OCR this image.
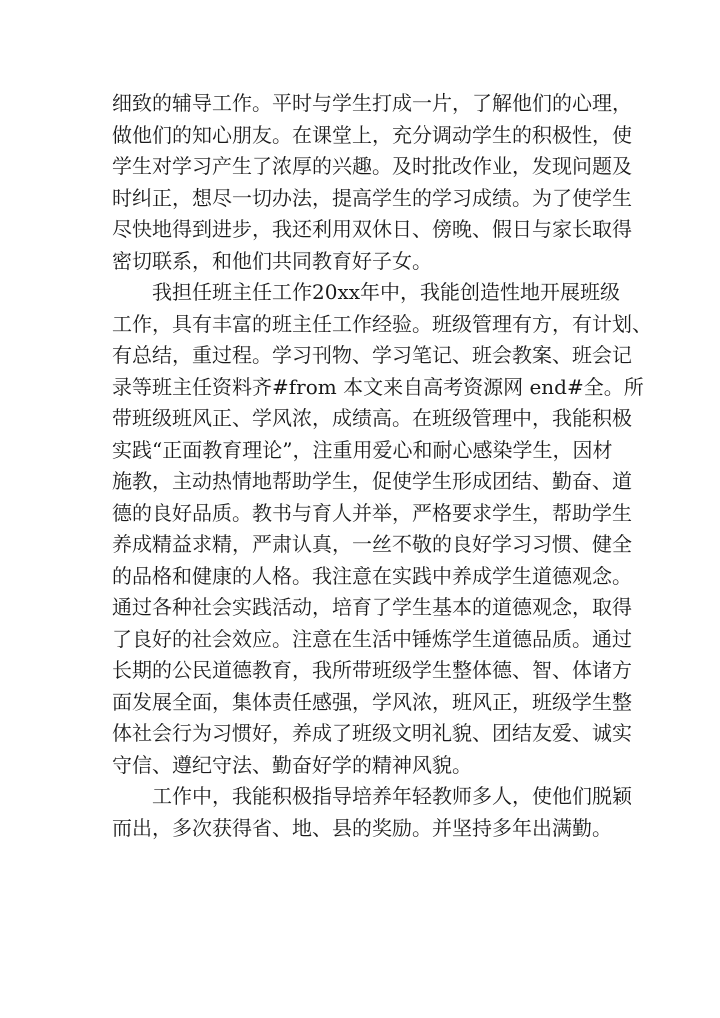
细致的辅导工作。平时与学生打成一片，了解他们的心理，
做他们的知心朋友。在课堂上，充分调动学生的积极性，使
学生对学习产生了浓厚的兴趣。及时批改作业，发现问题及
时纠正，想尽一切办法，提高学生的学习成绩。为了使学生
尽快地得到进步，我还利用双休日、傍晚、假日与家长取得
密切联系，和他们共同教育好子女。
　　我担任班主任工作20xx年中，我能创造性地开展班级
工作，具有丰富的班主任工作经验。班级管理有方，有计划、
有总结，重过程。学习刊物、学习笔记、班会教案、班会记
录等班主任资料齐#from 本文来自高考资源网 end#全。所
带班级班风正、学风浓，成绩高。在班级管理中，我能积极
实践“正面教育理论”，注重用爱心和耐心感染学生，因材
施教，主动热情地帮助学生，促使学生形成团结、勤奋、道
德的良好品质。教书与育人并举，严格要求学生，帮助学生
养成精益求精，严肃认真，一丝不敬的良好学习习惯、健全
的品格和健康的人格。我注意在实践中养成学生道德观念。
通过各种社会实践活动，培育了学生基本的道德观念，取得
了良好的社会效应。注意在生活中锤炼学生道德品质。通过
长期的公民道德教育，我所带班级学生整体德、智、体诸方
面发展全面，集体责任感强，学风浓，班风正，班级学生整
体社会行为习惯好，养成了班级文明礼貌、团结友爱、诚实
守信、遵纪守法、勤奋好学的精神风貌。
　　工作中，我能积极指导培养年轻教师多人，使他们脱颖
而出，多次获得省、地、县的奖励。并坚持多年出满勤。
